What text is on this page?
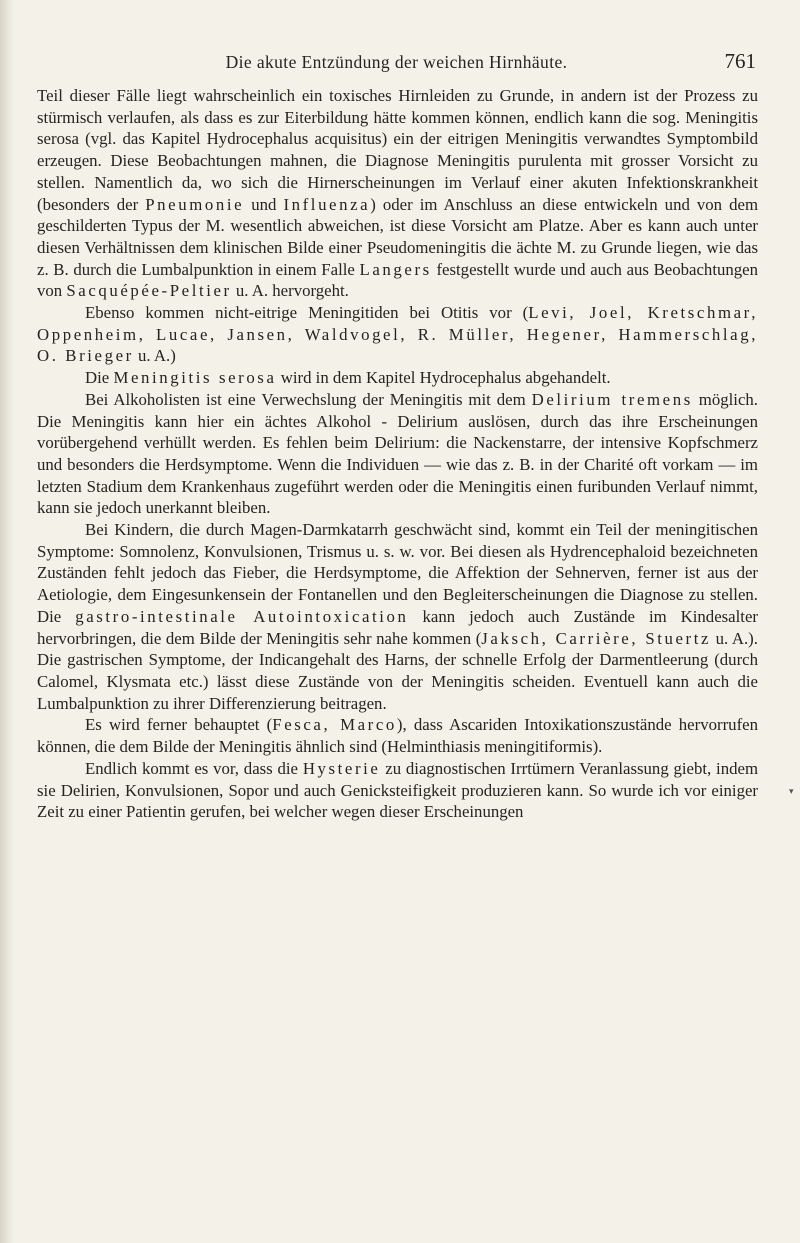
Die akute Entzündung der weichen Hirnhäute.	761

Teil dieser Fälle liegt wahrscheinlich ein toxisches Hirnleiden zu Grunde, in andern ist der Prozess zu stürmisch verlaufen, als dass es zur Eiterbildung hätte kommen können, endlich kann die sog. Meningitis serosa (vgl. das Kapitel Hydrocephalus acquisitus) ein der eitrigen Meningitis verwandtes Symptombild erzeugen. Diese Beobachtungen mahnen, die Diagnose Meningitis purulenta mit grosser Vorsicht zu stellen. Namentlich da, wo sich die Hirnerscheinungen im Verlauf einer akuten Infektionskrankheit (besonders der Pneumonie und Influenza) oder im Anschluss an diese entwickeln und von dem geschilderten Typus der M. wesentlich abweichen, ist diese Vorsicht am Platze. Aber es kann auch unter diesen Verhältnissen dem klinischen Bilde einer Pseudomeningitis die ächte M. zu Grunde liegen, wie das z. B. durch die Lumbalpunktion in einem Falle Langers festgestellt wurde und auch aus Beobachtungen von Sacquépée-Peltier u. A. hervorgeht.

Ebenso kommen nicht-eitrige Meningitiden bei Otitis vor (Levi, Joel, Kretschmar, Oppenheim, Lucae, Jansen, Waldvogel, R. Müller, Hegener, Hammerschlag, O. Brieger u. A.)

Die Meningitis serosa wird in dem Kapitel Hydrocephalus abgehandelt.

Bei Alkoholisten ist eine Verwechslung der Meningitis mit dem Delirium tremens möglich. Die Meningitis kann hier ein ächtes Alkohol - Delirium auslösen, durch das ihre Erscheinungen vorübergehend verhüllt werden. Es fehlen beim Delirium: die Nackenstarre, der intensive Kopfschmerz und besonders die Herdsymptome. Wenn die Individuen — wie das z. B. in der Charité oft vorkam — im letzten Stadium dem Krankenhaus zugeführt werden oder die Meningitis einen furibunden Verlauf nimmt, kann sie jedoch unerkannt bleiben.

Bei Kindern, die durch Magen-Darmkatarrh geschwächt sind, kommt ein Teil der meningitischen Symptome: Somnolenz, Konvulsionen, Trismus u. s. w. vor. Bei diesen als Hydrencephaloid bezeichneten Zuständen fehlt jedoch das Fieber, die Herdsymptome, die Affektion der Sehnerven, ferner ist aus der Aetiologie, dem Eingesunkensein der Fontanellen und den Begleiterscheinungen die Diagnose zu stellen. Die gastro-intestinale Autointoxication kann jedoch auch Zustände im Kindesalter hervorbringen, die dem Bilde der Meningitis sehr nahe kommen (Jaksch, Carrière, Stuertz u. A.). Die gastrischen Symptome, der Indicangehalt des Harns, der schnelle Erfolg der Darmentleerung (durch Calomel, Klysmata etc.) lässt diese Zustände von der Meningitis scheiden. Eventuell kann auch die Lumbalpunktion zu ihrer Differenzierung beitragen.

Es wird ferner behauptet (Fesca, Marco), dass Ascariden Intoxikationszustände hervorrufen können, die dem Bilde der Meningitis ähnlich sind (Helminthiasis meningitiformis).

Endlich kommt es vor, dass die Hysterie zu diagnostischen Irrtümern Veranlassung giebt, indem sie Delirien, Konvulsionen, Sopor und auch Genicksteifigkeit produzieren kann. So wurde ich vor einiger Zeit zu einer Patientin gerufen, bei welcher wegen dieser Erscheinungen

▾
